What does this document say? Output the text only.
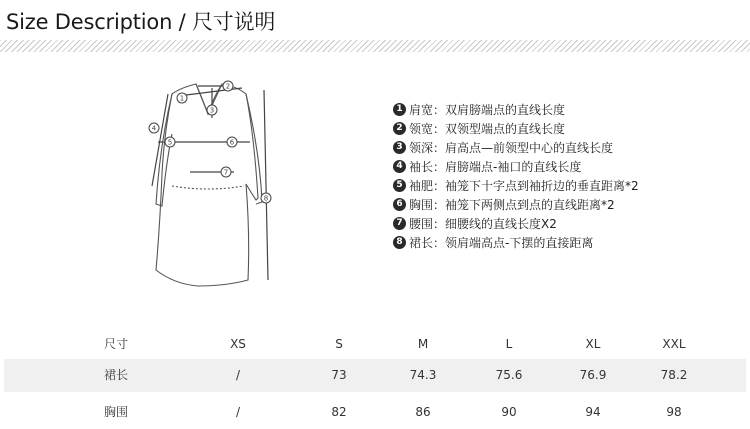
Size Description / 尺寸说明
1
2
3
4
5	6
7
8
1 肩宽：双肩膀端点的直线长度
2 领宽：双领型端点的直线长度
3 领深：肩高点—前领型中心的直线长度
4 袖长：肩膀端点-袖口的直线长度
5 袖肥：袖笼下十字点到袖折边的垂直距离*2
6 胸围：袖笼下两侧点到点的直线距离*2
7 腰围：细腰线的直线长度X2
8 裙长：领肩端高点-下摆的直接距离
尺寸	XS	S	M	L	XL	XXL
裙长	/	73	74.3	75.6	76.9	78.2
胸围	/	82	86	90	94	98
